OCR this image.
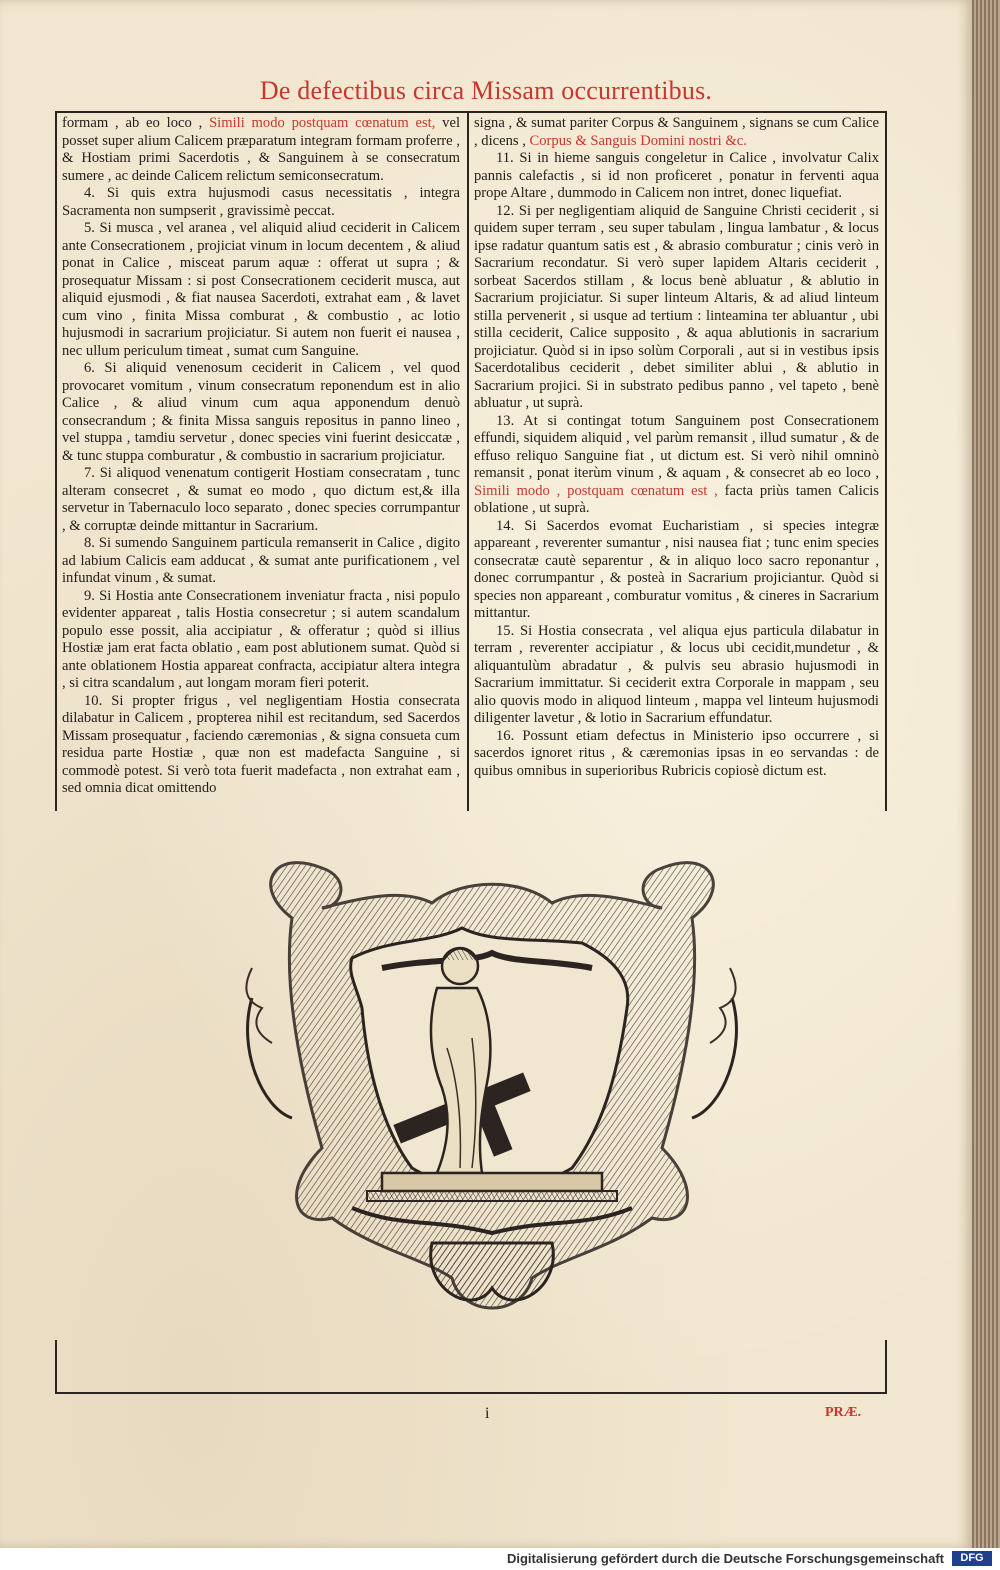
De defectibus circa Missam occurrentibus.

formam , ab eo loco , Simili modo postquam cœnatum est, vel posset super alium Calicem præparatum integram formam proferre , & Hostiam primi Sacerdotis , & Sanguinem à se consecratum sumere , ac deinde Calicem relictum semiconsecratum.

4. Si quis extra hujusmodi casus necessitatis , integra Sacramenta non sumpserit , gravissimè peccat.

5. Si musca , vel aranea , vel aliquid aliud ceciderit in Calicem ante Consecrationem , projiciat vinum in locum decentem , & aliud ponat in Calice , misceat parum aquæ : offerat ut supra ; & prosequatur Missam : si post Consecrationem ceciderit musca, aut aliquid ejusmodi , & fiat nausea Sacerdoti, extrahat eam , & lavet cum vino , finita Missa comburat , & combustio , ac lotio hujusmodi in sacrarium projiciatur. Si autem non fuerit ei nausea , nec ullum periculum timeat , sumat cum Sanguine.

6. Si aliquid venenosum ceciderit in Calicem , vel quod provocaret vomitum , vinum consecratum reponendum est in alio Calice , & aliud vinum cum aqua apponendum denuò consecrandum ; & finita Missa sanguis repositus in panno lineo , vel stuppa , tamdiu servetur , donec species vini fuerint desiccatæ , & tunc stuppa comburatur , & combustio in sacrarium projiciatur.

7. Si aliquod venenatum contigerit Hostiam consecratam , tunc alteram consecret , & sumat eo modo , quo dictum est,& illa servetur in Tabernaculo loco separato , donec species corrumpantur , & corruptæ deinde mittantur in Sacrarium.

8. Si sumendo Sanguinem particula remanserit in Calice , digito ad labium Calicis eam adducat , & sumat ante purificationem , vel infundat vinum , & sumat.

9. Si Hostia ante Consecrationem inveniatur fracta , nisi populo evidenter appareat , talis Hostia consecretur ; si autem scandalum populo esse possit, alia accipiatur , & offeratur ; quòd si illius Hostiæ jam erat facta oblatio , eam post ablutionem sumat. Quòd si ante oblationem Hostia appareat confracta, accipiatur altera integra , si citra scandalum , aut longam moram fieri poterit.

10. Si propter frigus , vel negligentiam Hostia consecrata dilabatur in Calicem , propterea nihil est recitandum, sed Sacerdos Missam prosequatur , faciendo cæremonias , & signa consueta cum residua parte Hostiæ , quæ non est madefacta Sanguine , si commodè potest. Si verò tota fuerit madefacta , non extrahat eam , sed omnia dicat omittendo

signa , & sumat pariter Corpus & Sanguinem , signans se cum Calice , dicens , Corpus & Sanguis Domini nostri &c.

11. Si in hieme sanguis congeletur in Calice , involvatur Calix pannis calefactis , si id non proficeret , ponatur in ferventi aqua prope Altare , dummodo in Calicem non intret, donec liquefiat.

12. Si per negligentiam aliquid de Sanguine Christi ceciderit , si quidem super terram , seu super tabulam , lingua lambatur , & locus ipse radatur quantum satis est , & abrasio comburatur ; cinis verò in Sacrarium recondatur. Si verò super lapidem Altaris ceciderit , sorbeat Sacerdos stillam , & locus benè abluatur , & ablutio in Sacrarium projiciatur. Si super linteum Altaris, & ad aliud linteum stilla pervenerit , si usque ad tertium : linteamina ter abluantur , ubi stilla ceciderit, Calice supposito , & aqua ablutionis in sacrarium projiciatur. Quòd si in ipso solùm Corporali , aut si in vestibus ipsis Sacerdotalibus ceciderit , debet similiter ablui , & ablutio in Sacrarium projici. Si in substrato pedibus panno , vel tapeto , benè abluatur , ut suprà.

13. At si contingat totum Sanguinem post Consecrationem effundi, siquidem aliquid , vel parùm remansit , illud sumatur , & de effuso reliquo Sanguine fiat , ut dictum est. Si verò nihil omninò remansit , ponat iterùm vinum , & aquam , & consecret ab eo loco , Simili modo , postquam cœnatum est , facta priùs tamen Calicis oblatione , ut suprà.

14. Si Sacerdos evomat Eucharistiam , si species integræ appareant , reverenter sumantur , nisi nausea fiat ; tunc enim species consecratæ cautè separentur , & in aliquo loco sacro reponantur , donec corrumpantur , & posteà in Sacrarium projiciantur. Quòd si species non appareant , comburatur vomitus , & cineres in Sacrarium mittantur.

15. Si Hostia consecrata , vel aliqua ejus particula dilabatur in terram , reverenter accipiatur , & locus ubi cecidit,mundetur , & aliquantulùm abradatur , & pulvis seu abrasio hujusmodi in Sacrarium immittatur. Si ceciderit extra Corporale in mappam , seu alio quovis modo in aliquod linteum , mappa vel linteum hujusmodi diligenter lavetur , & lotio in Sacrarium effundatur.

16. Possunt etiam defectus in Ministerio ipso occurrere , si sacerdos ignoret ritus , & cæremonias ipsas in eo servandas : de quibus omnibus in superioribus Rubricis copiosè dictum est.

i	PRÆ.
Digitalisierung gefördert durch die Deutsche Forschungsgemeinschaft	DFG
